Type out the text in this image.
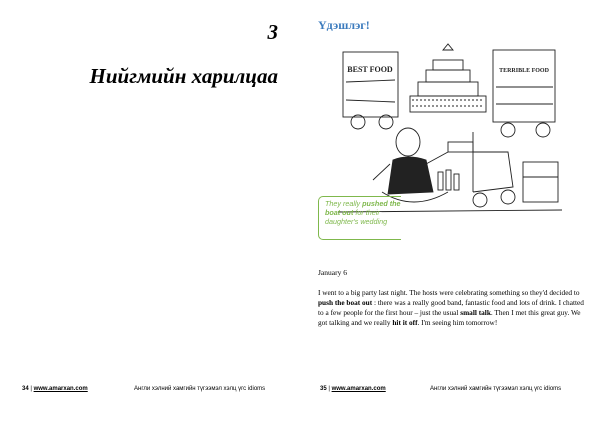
3
Нийгмийн харилцаа
34 | www.amarxan.com	Англи хэлний хамгийн түгээмэл хэлц үгс idioms
Үдэшлэг!
BEST FOOD	TERRIBLE FOOD
They really pushed the boat out for their daughter's wedding
January 6
I went to a big party last night. The hosts were celebrating something so they'd decided to push the boat out : there was a really good band, fantastic food and lots of drink. I chatted to a few people for the first hour – just the usual small talk. Then I met this great guy. We got talking and we really hit it off. I'm seeing him tomorrow!
35 | www.amarxan.com	Англи хэлний хамгийн түгээмэл хэлц үгс idioms
